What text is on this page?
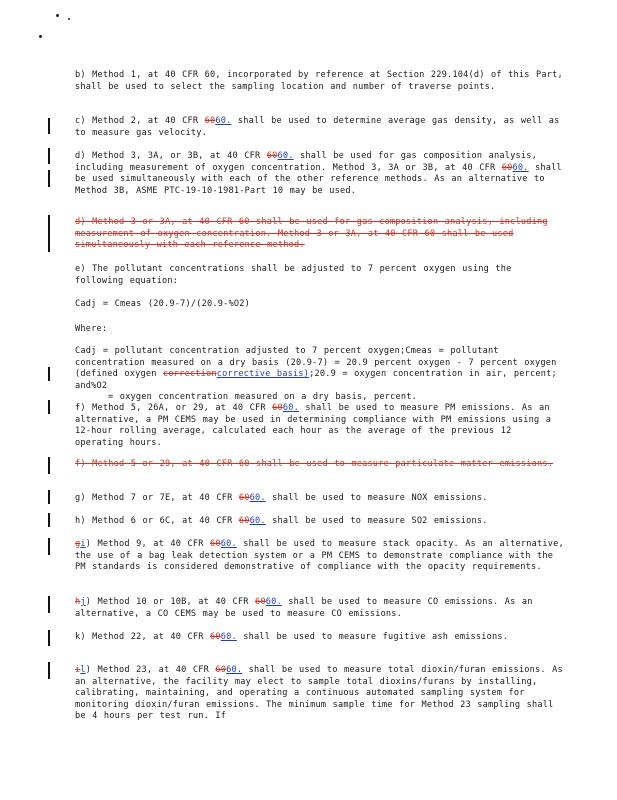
b) Method 1, at 40 CFR 60, incorporated by reference at Section 229.104(d) of this Part, shall be used to select the sampling location and number of traverse points.
c) Method 2, at 40 CFR 6060. shall be used to determine average gas density, as well as to measure gas velocity.
d) Method 3, 3A, or 3B, at 40 CFR 6060. shall be used for gas composition analysis, including measurement of oxygen concentration. Method 3, 3A or 3B, at 40 CFR 6060. shall be used simultaneously with each of the other reference methods. As an alternative to Method 3B, ASME PTC-19-10-1981-Part 10 may be used.
d) Method 3 or 3A, at 40 CFR 60 shall be used for gas composition analysis, including measurement of oxygen concentration. Method 3 or 3A, at 40 CFR 60 shall be used simultaneously with each reference method.
e) The pollutant concentrations shall be adjusted to 7 percent oxygen using the following equation:
Cadj = Cmeas (20.9-7)/(20.9-%O2)
Where:
Cadj = pollutant concentration adjusted to 7 percent oxygen;Cmeas = pollutant concentration measured on a dry basis (20.9-7) = 20.9 percent oxygen - 7 percent oxygen (defined oxygen correctioncorrective basis);20.9 = oxygen concentration in air, percent; and%O2
= oxygen concentration measured on a dry basis, percent.
f) Method 5, 26A, or 29, at 40 CFR 6060. shall be used to measure PM emissions. As an alternative, a PM CEMS may be used in determining compliance with PM emissions using a 12-hour rolling average, calculated each hour as the average of the previous 12 operating hours.
f) Method 5 or 29, at 40 CFR 60 shall be used to measure particulate matter emissions.
g) Method 7 or 7E, at 40 CFR 6060. shall be used to measure NOX emissions.
h) Method 6 or 6C, at 40 CFR 6060. shall be used to measure SO2 emissions.
gi) Method 9, at 40 CFR 6060. shall be used to measure stack opacity. As an alternative, the use of a bag leak detection system or a PM CEMS to demonstrate compliance with the PM standards is considered demonstrative of compliance with the opacity requirements.
hj) Method 10 or 10B, at 40 CFR 6060. shall be used to measure CO emissions. As an alternative, a CO CEMS may be used to measure CO emissions.
k) Method 22, at 40 CFR 6060. shall be used to measure fugitive ash emissions.
il) Method 23, at 40 CFR 6060. shall be used to measure total dioxin/furan emissions. As an alternative, the facility may elect to sample total dioxins/furans by installing, calibrating, maintaining, and operating a continuous automated sampling system for monitoring dioxin/furan emissions. The minimum sample time for Method 23 sampling shall be 4 hours per test run. If
